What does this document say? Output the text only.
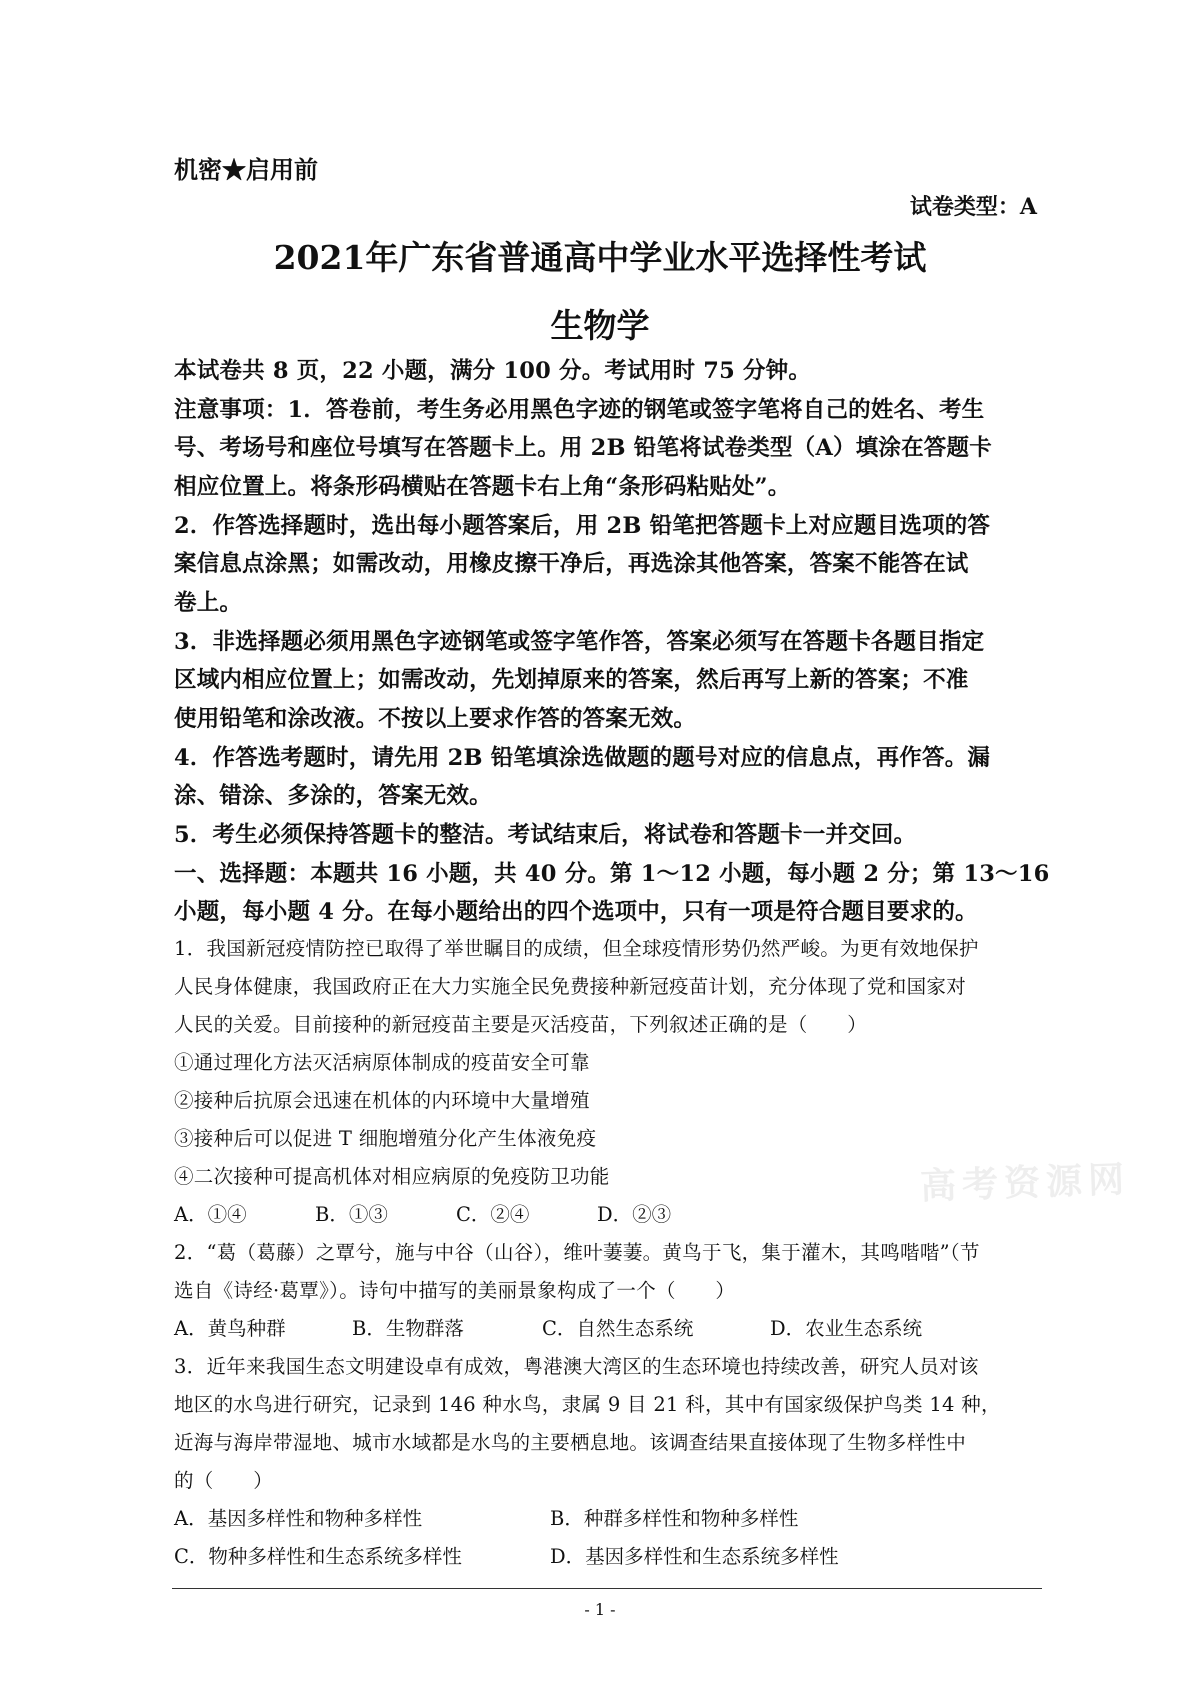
机密★启用前
试卷类型：A
2021年广东省普通高中学业水平选择性考试
生物学
本试卷共 8 页，22 小题，满分 100 分。考试用时 75 分钟。
注意事项：1．答卷前，考生务必用黑色字迹的钢笔或签字笔将自己的姓名、考生
号、考场号和座位号填写在答题卡上。用 2B 铅笔将试卷类型（A）填涂在答题卡
相应位置上。将条形码横贴在答题卡右上角“条形码粘贴处”。
2．作答选择题时，选出每小题答案后，用 2B 铅笔把答题卡上对应题目选项的答
案信息点涂黑；如需改动，用橡皮擦干净后，再选涂其他答案，答案不能答在试
卷上。
3．非选择题必须用黑色字迹钢笔或签字笔作答，答案必须写在答题卡各题目指定
区域内相应位置上；如需改动，先划掉原来的答案，然后再写上新的答案；不准
使用铅笔和涂改液。不按以上要求作答的答案无效。
4．作答选考题时，请先用 2B 铅笔填涂选做题的题号对应的信息点，再作答。漏
涂、错涂、多涂的，答案无效。
5．考生必须保持答题卡的整洁。考试结束后，将试卷和答题卡一并交回。
一、选择题：本题共 16 小题，共 40 分。第 1～12 小题，每小题 2 分；第 13～16
小题，每小题 4 分。在每小题给出的四个选项中，只有一项是符合题目要求的。
1．我国新冠疫情防控已取得了举世瞩目的成绩，但全球疫情形势仍然严峻。为更有效地保护
人民身体健康，我国政府正在大力实施全民免费接种新冠疫苗计划，充分体现了党和国家对
人民的关爱。目前接种的新冠疫苗主要是灭活疫苗，下列叙述正确的是（　　）
①通过理化方法灭活病原体制成的疫苗安全可靠
②接种后抗原会迅速在机体的内环境中大量增殖
③接种后可以促进 T 细胞增殖分化产生体液免疫
④二次接种可提高机体对相应病原的免疫防卫功能
A．①④	B．①③	C．②④	D．②③
2．“葛（葛藤）之覃兮，施与中谷（山谷），维叶萋萋。黄鸟于飞，集于灌木，其鸣喈喈”（节
选自《诗经·葛覃》）。诗句中描写的美丽景象构成了一个（　　）
A．黄鸟种群	B．生物群落	C．自然生态系统	D．农业生态系统
3．近年来我国生态文明建设卓有成效，粤港澳大湾区的生态环境也持续改善，研究人员对该
地区的水鸟进行研究，记录到 146 种水鸟，隶属 9 目 21 科，其中有国家级保护鸟类 14 种，
近海与海岸带湿地、城市水域都是水鸟的主要栖息地。该调查结果直接体现了生物多样性中
的（　　）
A．基因多样性和物种多样性	B．种群多样性和物种多样性
C．物种多样性和生态系统多样性	D．基因多样性和生态系统多样性
高考资源网
- 1 -
